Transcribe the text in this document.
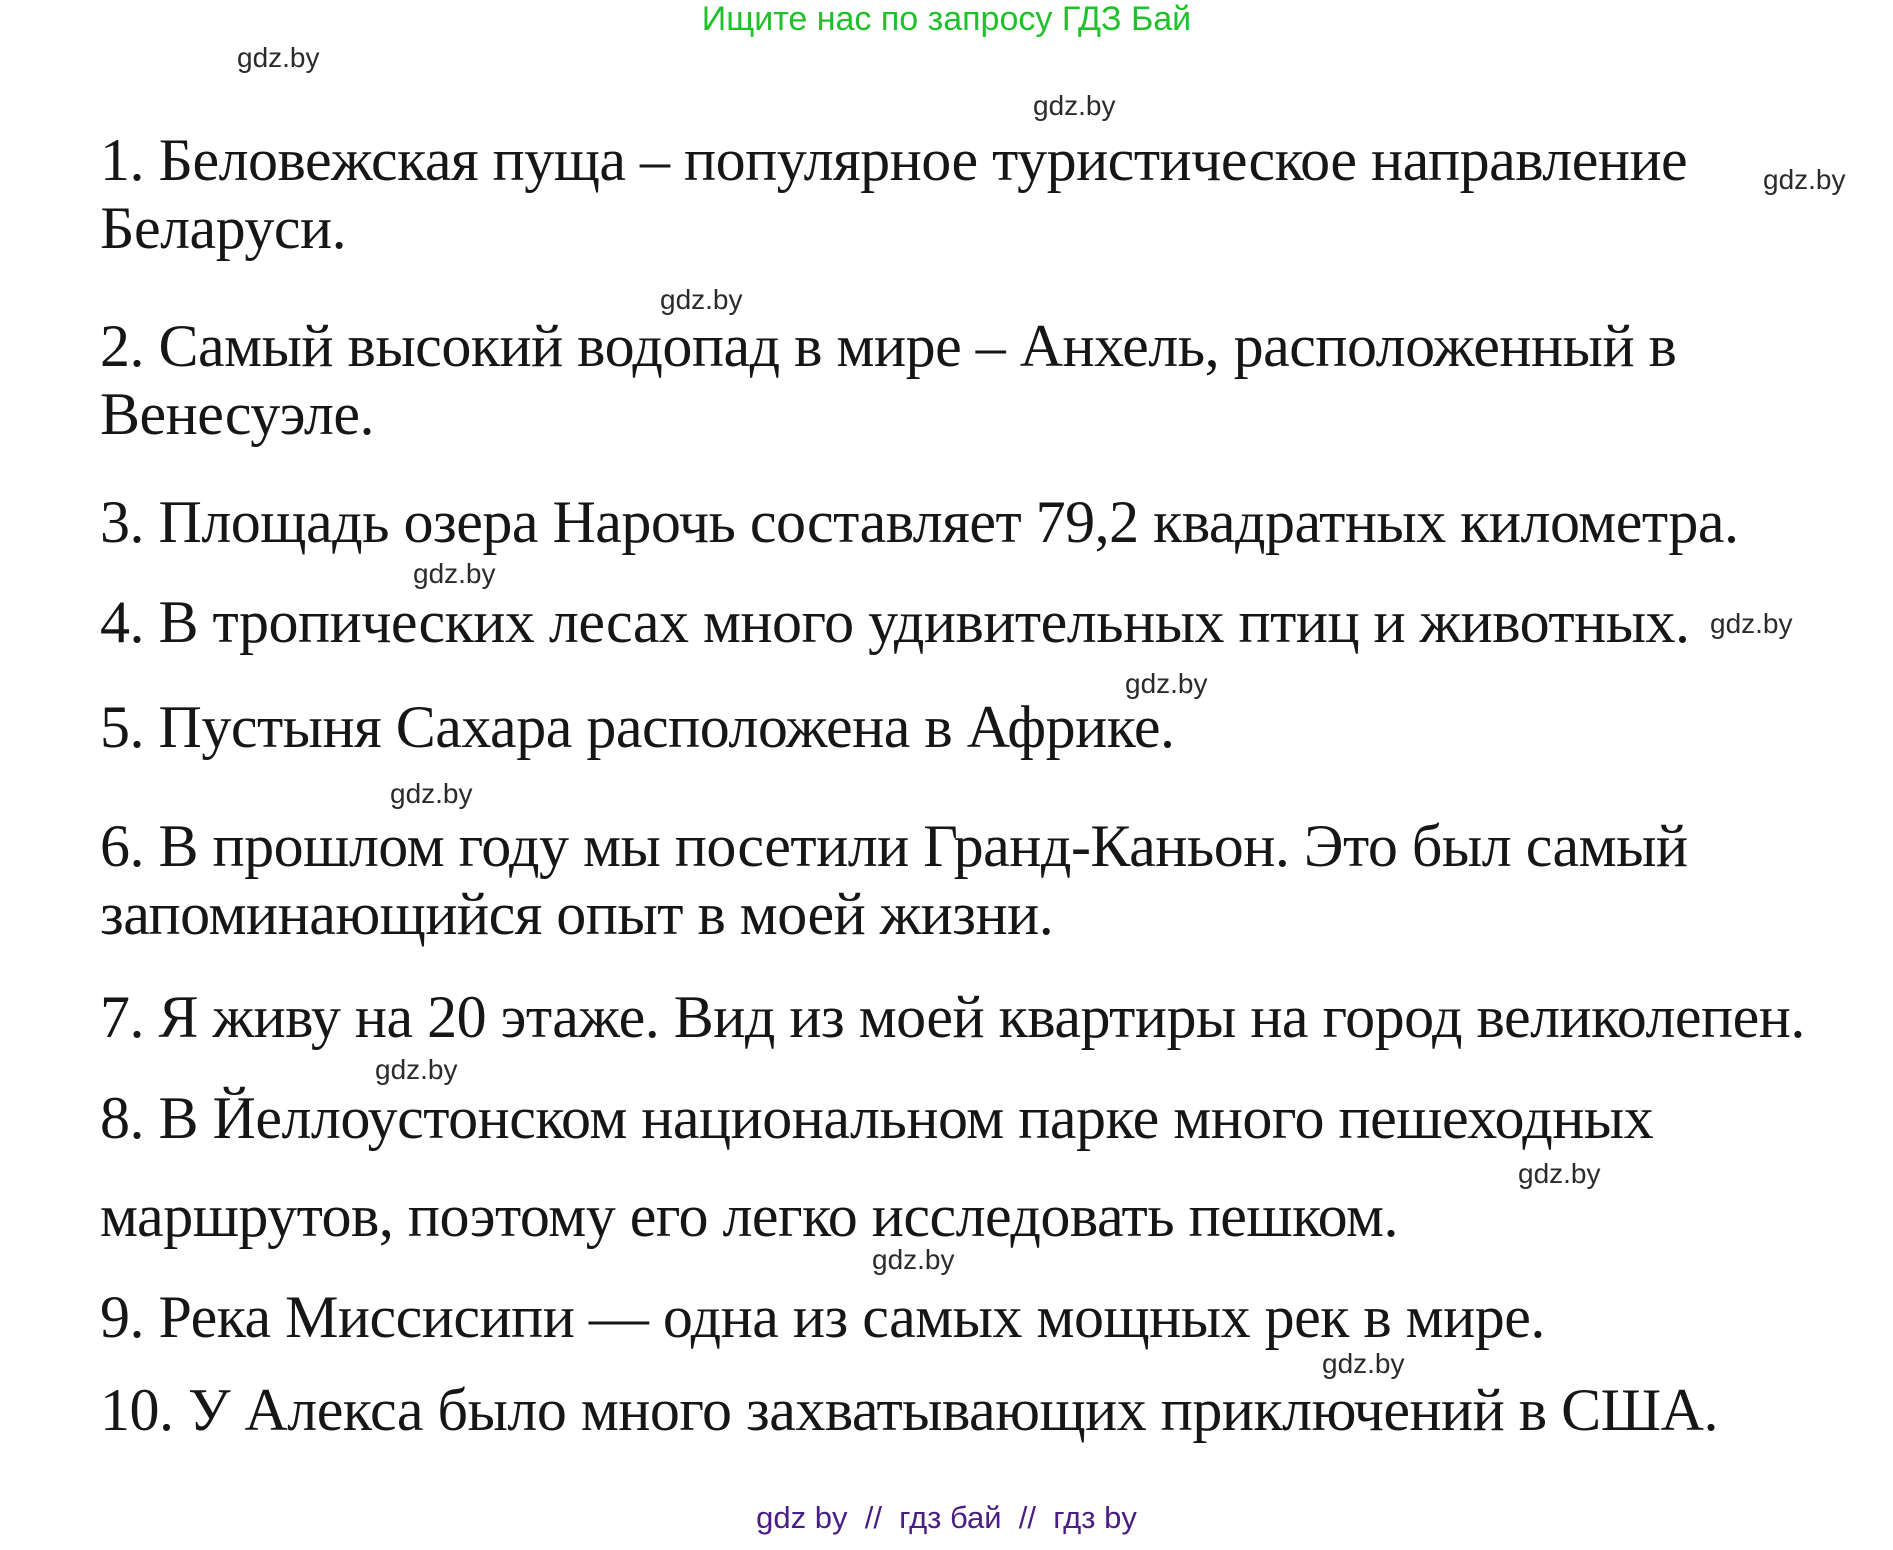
Ищите нас по запросу ГДЗ Бай
gdz.by
gdz.by
gdz.by
gdz.by
gdz.by
gdz.by
gdz.by
gdz.by
gdz.by
gdz.by
gdz.by
gdz.by
1. Беловежская пуща – популярное туристическое направление
Беларуси.
2. Самый высокий водопад в мире – Анхель, расположенный в
Венесуэле.
3. Площадь озера Нарочь составляет 79,2 квадратных километра.
4. В тропических лесах много удивительных птиц и животных.
5. Пустыня Сахара расположена в Африке.
6. В прошлом году мы посетили Гранд-Каньон. Это был самый
запоминающийся опыт в моей жизни.
7. Я живу на 20 этаже. Вид из моей квартиры на город великолепен.
8. В Йеллоустонском национальном парке много пешеходных
маршрутов, поэтому его легко исследовать пешком.
9. Река Миссисипи — одна из самых мощных рек в мире.
10. У Алекса было много захватывающих приключений в США.
gdz by  //  гдз бай  //  гдз by
